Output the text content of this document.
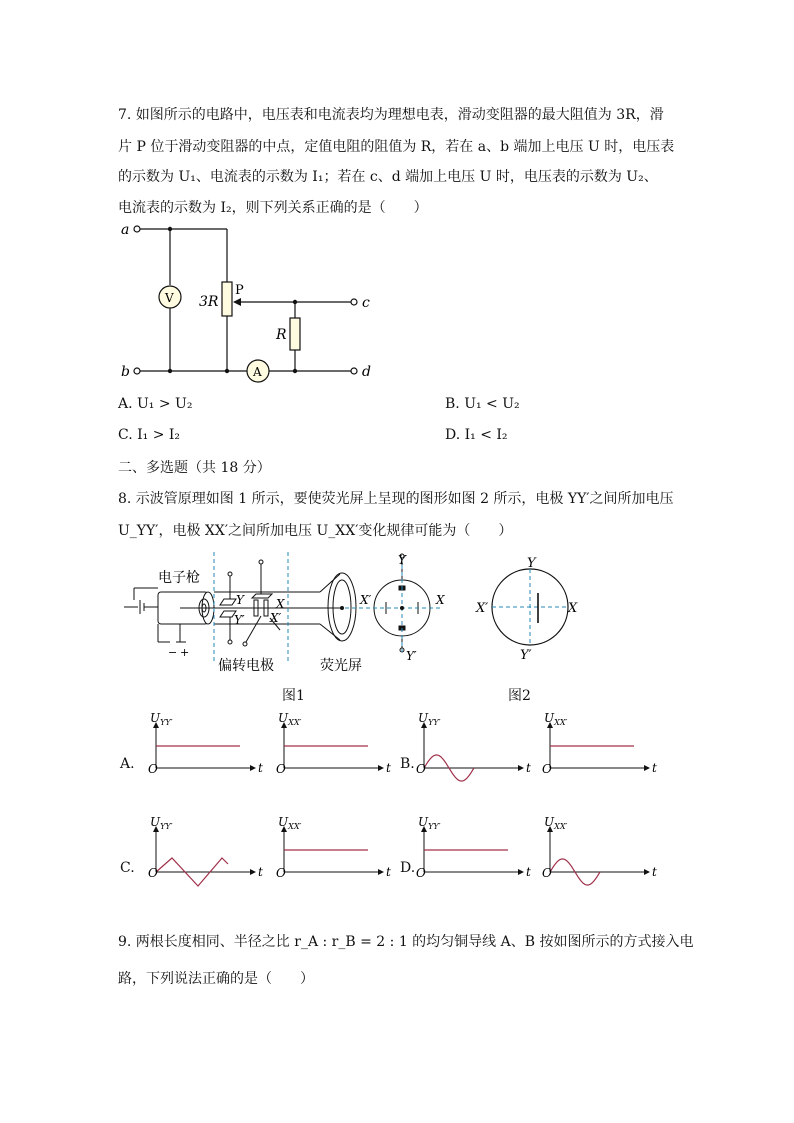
7. 如图所示的电路中，电压表和电流表均为理想电表，滑动变阻器的最大阻值为 3R，滑
片 P 位于滑动变阻器的中点，定值电阻的阻值为 R，若在 a、b 端加上电压 U 时，电压表
的示数为 U₁、电流表的示数为 I₁；若在 c、d 端加上电压 U 时，电压表的示数为 U₂、
电流表的示数为 I₂，则下列关系正确的是（　　）
a
b
c
d
V
A
P
3R
R
A. U₁ > U₂	B. U₁ < U₂
C. I₁ > I₂	D. I₁ < I₂
二、多选题（共 18 分）
8. 示波管原理如图 1 所示，要使荧光屏上呈现的图形如图 2 所示，电极 YY′之间所加电压
U_YY′，电极 XX′之间所加电压 U_XX′变化规律可能为（　　）
电子枪
偏转电极	荧光屏
Y
Y′
X
X′
Y
Y′
X
X′
− +
图1
Y
Y′
X
X′
图2
A.	B.
C.	D.
$U_{YY'}$
O	t
$U_{XX'}$
O	t
$U_{YY'}$
O	t
$U_{XX'}$
O	t
$U_{YY'}$
O	t
$U_{XX'}$
O	t
$U_{YY'}$
O	t
$U_{XX'}$
O	t
9. 两根长度相同、半径之比 r_A : r_B = 2 : 1 的均匀铜导线 A、B 按如图所示的方式接入电
路，下列说法正确的是（　　）
